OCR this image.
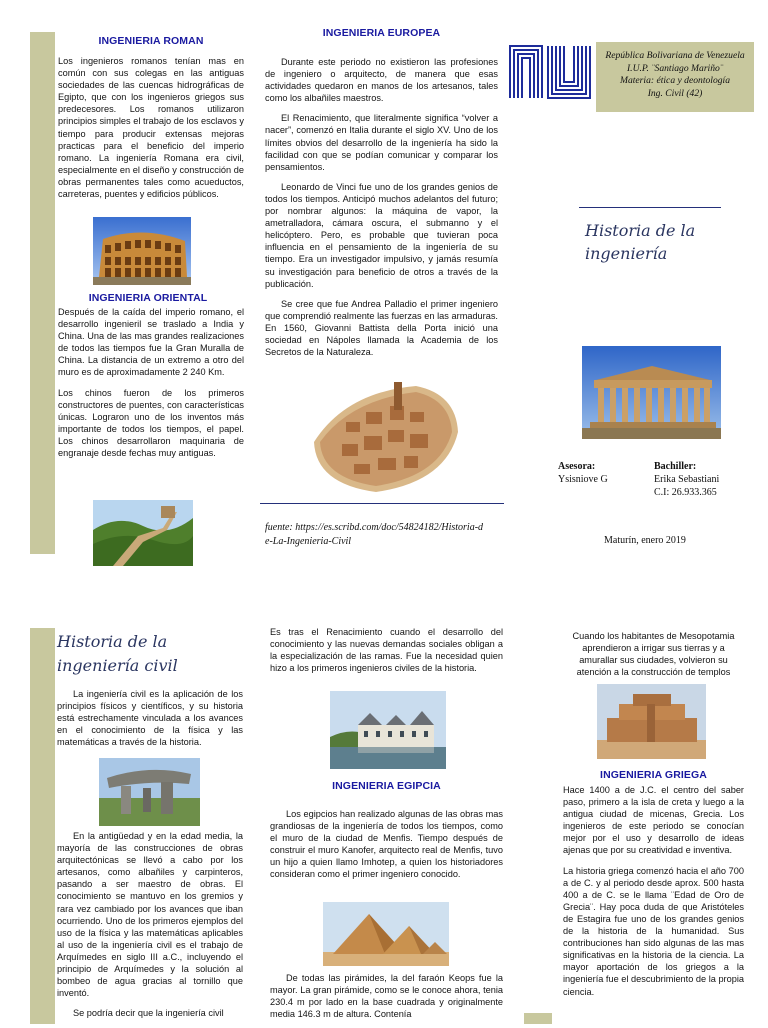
INGENIERIA ROMAN

Los ingenieros romanos tenían mas en común con sus colegas en las antiguas sociedades de las cuencas hidrográficas de Egipto, que con los ingenieros griegos sus predecesores. Los romanos utilizaron principios simples el trabajo de los esclavos y tiempo para producir extensas mejoras practicas para el beneficio del imperio romano. La ingeniería Romana era civil, especialmente en el diseño y construcción de obras permanentes tales como acueductos, carreteras, puentes y edificios públicos.

INGENIERIA ORIENTAL

Después de la caída del imperio romano, el desarrollo ingenieril se traslado a India y China. Una de las mas grandes realizaciones de todos las tiempos fue la Gran Muralla de China. La distancia de un extremo a otro del muro es de aproximadamente 2 240 Km.

Los chinos fueron de los primeros constructores de puentes, con características únicas. Lograron uno de los inventos más importante de todos los tiempos, el papel. Los chinos desarrollaron maquinaria de engranaje desde fechas muy antiguas.

INGENIERIA EUROPEA

Durante este periodo no existieron las profesiones de ingeniero o arquitecto, de manera que esas actividades quedaron en manos de los artesanos, tales como los albañiles maestros.

El Renacimiento, que literalmente significa “volver a nacer”, comenzó en Italia durante el siglo XV. Uno de los límites obvios del desarrollo de la ingeniería ha sido la facilidad con que se podían comunicar y comparar los pensamientos.

Leonardo de Vinci fue uno de los grandes genios de todos los tiempos. Anticipó muchos adelantos del futuro; por nombrar algunos: la máquina de vapor, la ametralladora, cámara oscura, el submanno y el helicóptero. Pero, es probable que tuvieran poca influencia en el pensamiento de la ingeniería de su tiempo. Era un investigador impulsivo, y jamás resumía su investigación para beneficio de otros a través de la publicación.

Se cree que fue Andrea Palladio el primer ingeniero que comprendió realmente las fuerzas en las armaduras. En 1560, Giovanni Battista della Porta inició una sociedad en Nápoles llamada la Academia de los Secretos de la Naturaleza.

fuente: https://es.scribd.com/doc/54824182/Historia-de-La-Ingenieria-Civil
República Bolivariana de Venezuela
I.U.P. ¨Santiago Mariño¨
Materia: ética y deontología
Ing. Civil (42)
Historia de la ingeniería
Asesora:
Ysisniove G
Bachiller:
Erika Sebastiani
C.I: 26.933.365
Maturín, enero 2019
Historia de la ingeniería civil

La ingeniería civil es la aplicación de los principios físicos y científicos, y su historia está estrechamente vinculada a los avances en el conocimiento de la física y las matemáticas a través de la historia.

En la antigüedad y en la edad media, la mayoría de las construcciones de obras arquitectónicas se llevó a cabo por los artesanos, como albañiles y carpinteros, pasando a ser maestro de obras. El conocimiento se mantuvo en los gremios y rara vez cambiado por los avances que iban ocurriendo. Uno de los primeros ejemplos del uso de la física y las matemáticas aplicables al uso de la ingeniería civil es el trabajo de Arquímedes en siglo III a.C., incluyendo el principio de Arquímedes y la solución al bombeo de agua gracias al tornillo que inventó.

Se podría decir que la ingeniería civil

Es tras el Renacimiento cuando el desarrollo del conocimiento y las nuevas demandas sociales obligan a la especialización de las ramas. Fue la necesidad quien hizo a los primeros ingenieros civiles de la historia.

INGENIERIA EGIPCIA

Los egipcios han realizado algunas de las obras mas grandiosas de la ingeniería de todos los tiempos, como el muro de la ciudad de Menfis. Tiempo después de construir el muro Kanofer, arquitecto real de Menfis, tuvo un hijo a quien llamo Imhotep, a quien los historiadores consideran como el primer ingeniero conocido.

De todas las pirámides, la del faraón Keops fue la mayor. La gran pirámide, como se le conoce ahora, tenia 230.4 m por lado en la base cuadrada y originalmente media 146.3 m de altura. Contenía

Cuando los habitantes de Mesopotamia aprendieron a irrigar sus tierras y a amurallar sus ciudades, volvieron su atención a la construcción de templos

INGENIERIA GRIEGA

Hace 1400 a de J.C. el centro del saber paso, primero a la isla de creta y luego a la antigua ciudad de micenas, Grecia. Los ingenieros de este periodo se conocían mejor por el uso y desarrollo de ideas ajenas que por su creatividad e inventiva.

La historia griega comenzó hacia el año 700 a de C. y al periodo desde aprox. 500 hasta 400 a de C. se le llama ¨Edad de Oro de Grecia¨. Hay poca duda de que Aristóteles de Estagira fue uno de los grandes genios de la historia de la humanidad. Sus contribuciones han sido algunas de las mas significativas en la historia de la ciencia. La mayor aportación de los griegos a la ingeniería fue el descubrimiento de la propia ciencia.
